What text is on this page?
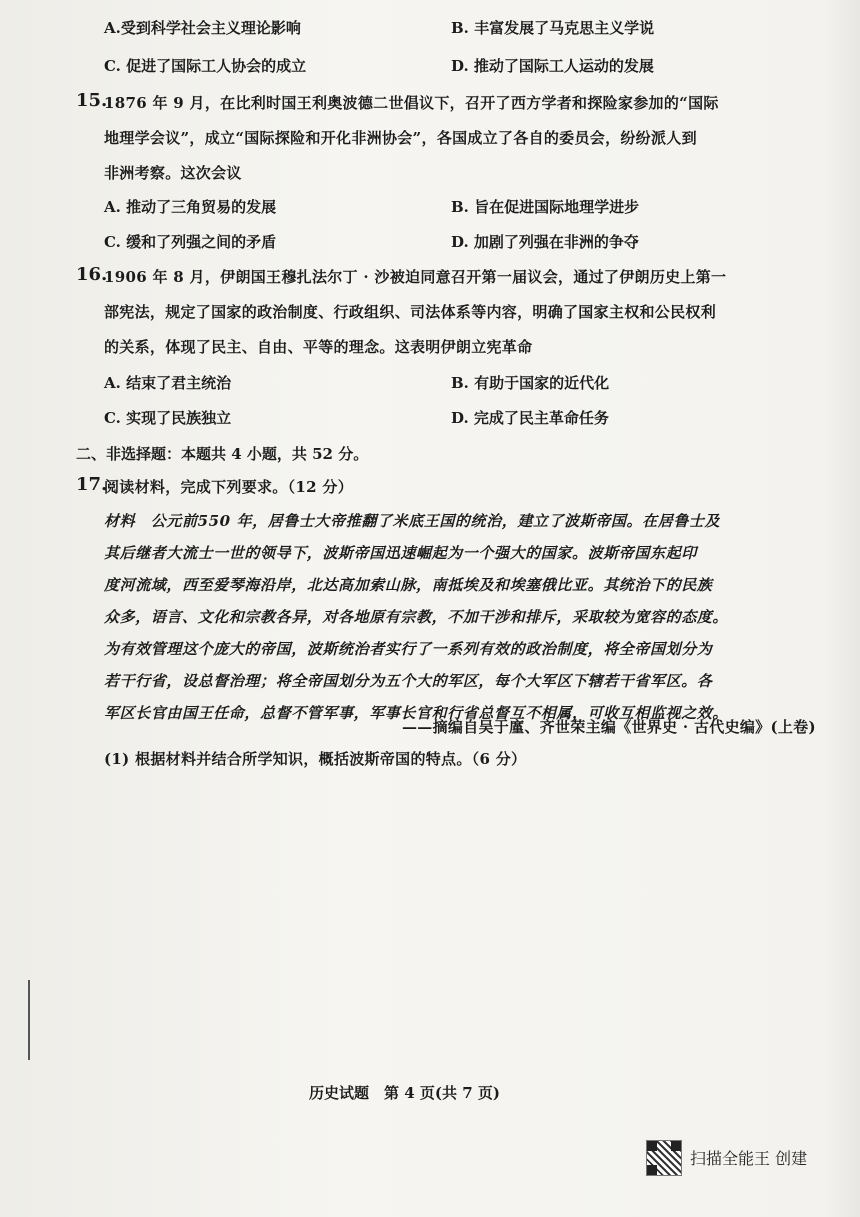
A.受到科学社会主义理论影响	B. 丰富发展了马克思主义学说
C. 促进了国际工人协会的成立	D. 推动了国际工人运动的发展
15.
1876 年 9 月，在比利时国王利奥波德二世倡议下，召开了西方学者和探险家参加的“国际
地理学会议”，成立“国际探险和开化非洲协会”，各国成立了各自的委员会，纷纷派人到
非洲考察。这次会议
A. 推动了三角贸易的发展	B. 旨在促进国际地理学进步
C. 缓和了列强之间的矛盾	D. 加剧了列强在非洲的争夺
16.
1906 年 8 月，伊朗国王穆扎法尔丁 · 沙被迫同意召开第一届议会，通过了伊朗历史上第一
部宪法，规定了国家的政治制度、行政组织、司法体系等内容，明确了国家主权和公民权利
的关系，体现了民主、自由、平等的理念。这表明伊朗立宪革命
A. 结束了君主统治	B. 有助于国家的近代化
C. 实现了民族独立	D. 完成了民主革命任务
二、非选择题：本题共 4 小题，共 52 分。
17.
阅读材料，完成下列要求。（12 分）
材料　公元前550 年，居鲁士大帝推翻了米底王国的统治，建立了波斯帝国。在居鲁士及
其后继者大流士一世的领导下，波斯帝国迅速崛起为一个强大的国家。波斯帝国东起印
度河流域，西至爱琴海沿岸，北达高加索山脉，南抵埃及和埃塞俄比亚。其统治下的民族
众多，语言、文化和宗教各异，对各地原有宗教，不加干涉和排斥，采取较为宽容的态度。
为有效管理这个庞大的帝国，波斯统治者实行了一系列有效的政治制度，将全帝国划分为
若干行省，设总督治理；将全帝国划分为五个大的军区，每个大军区下辖若干省军区。各
军区长官由国王任命，总督不管军事，军事长官和行省总督互不相属，可收互相监视之效。
——摘编自吴于廑、齐世荣主编《世界史 · 古代史编》(上卷)
(1) 根据材料并结合所学知识，概括波斯帝国的特点。（6 分）
历史试题　第 4 页(共 7 页)
扫描全能王 创建
